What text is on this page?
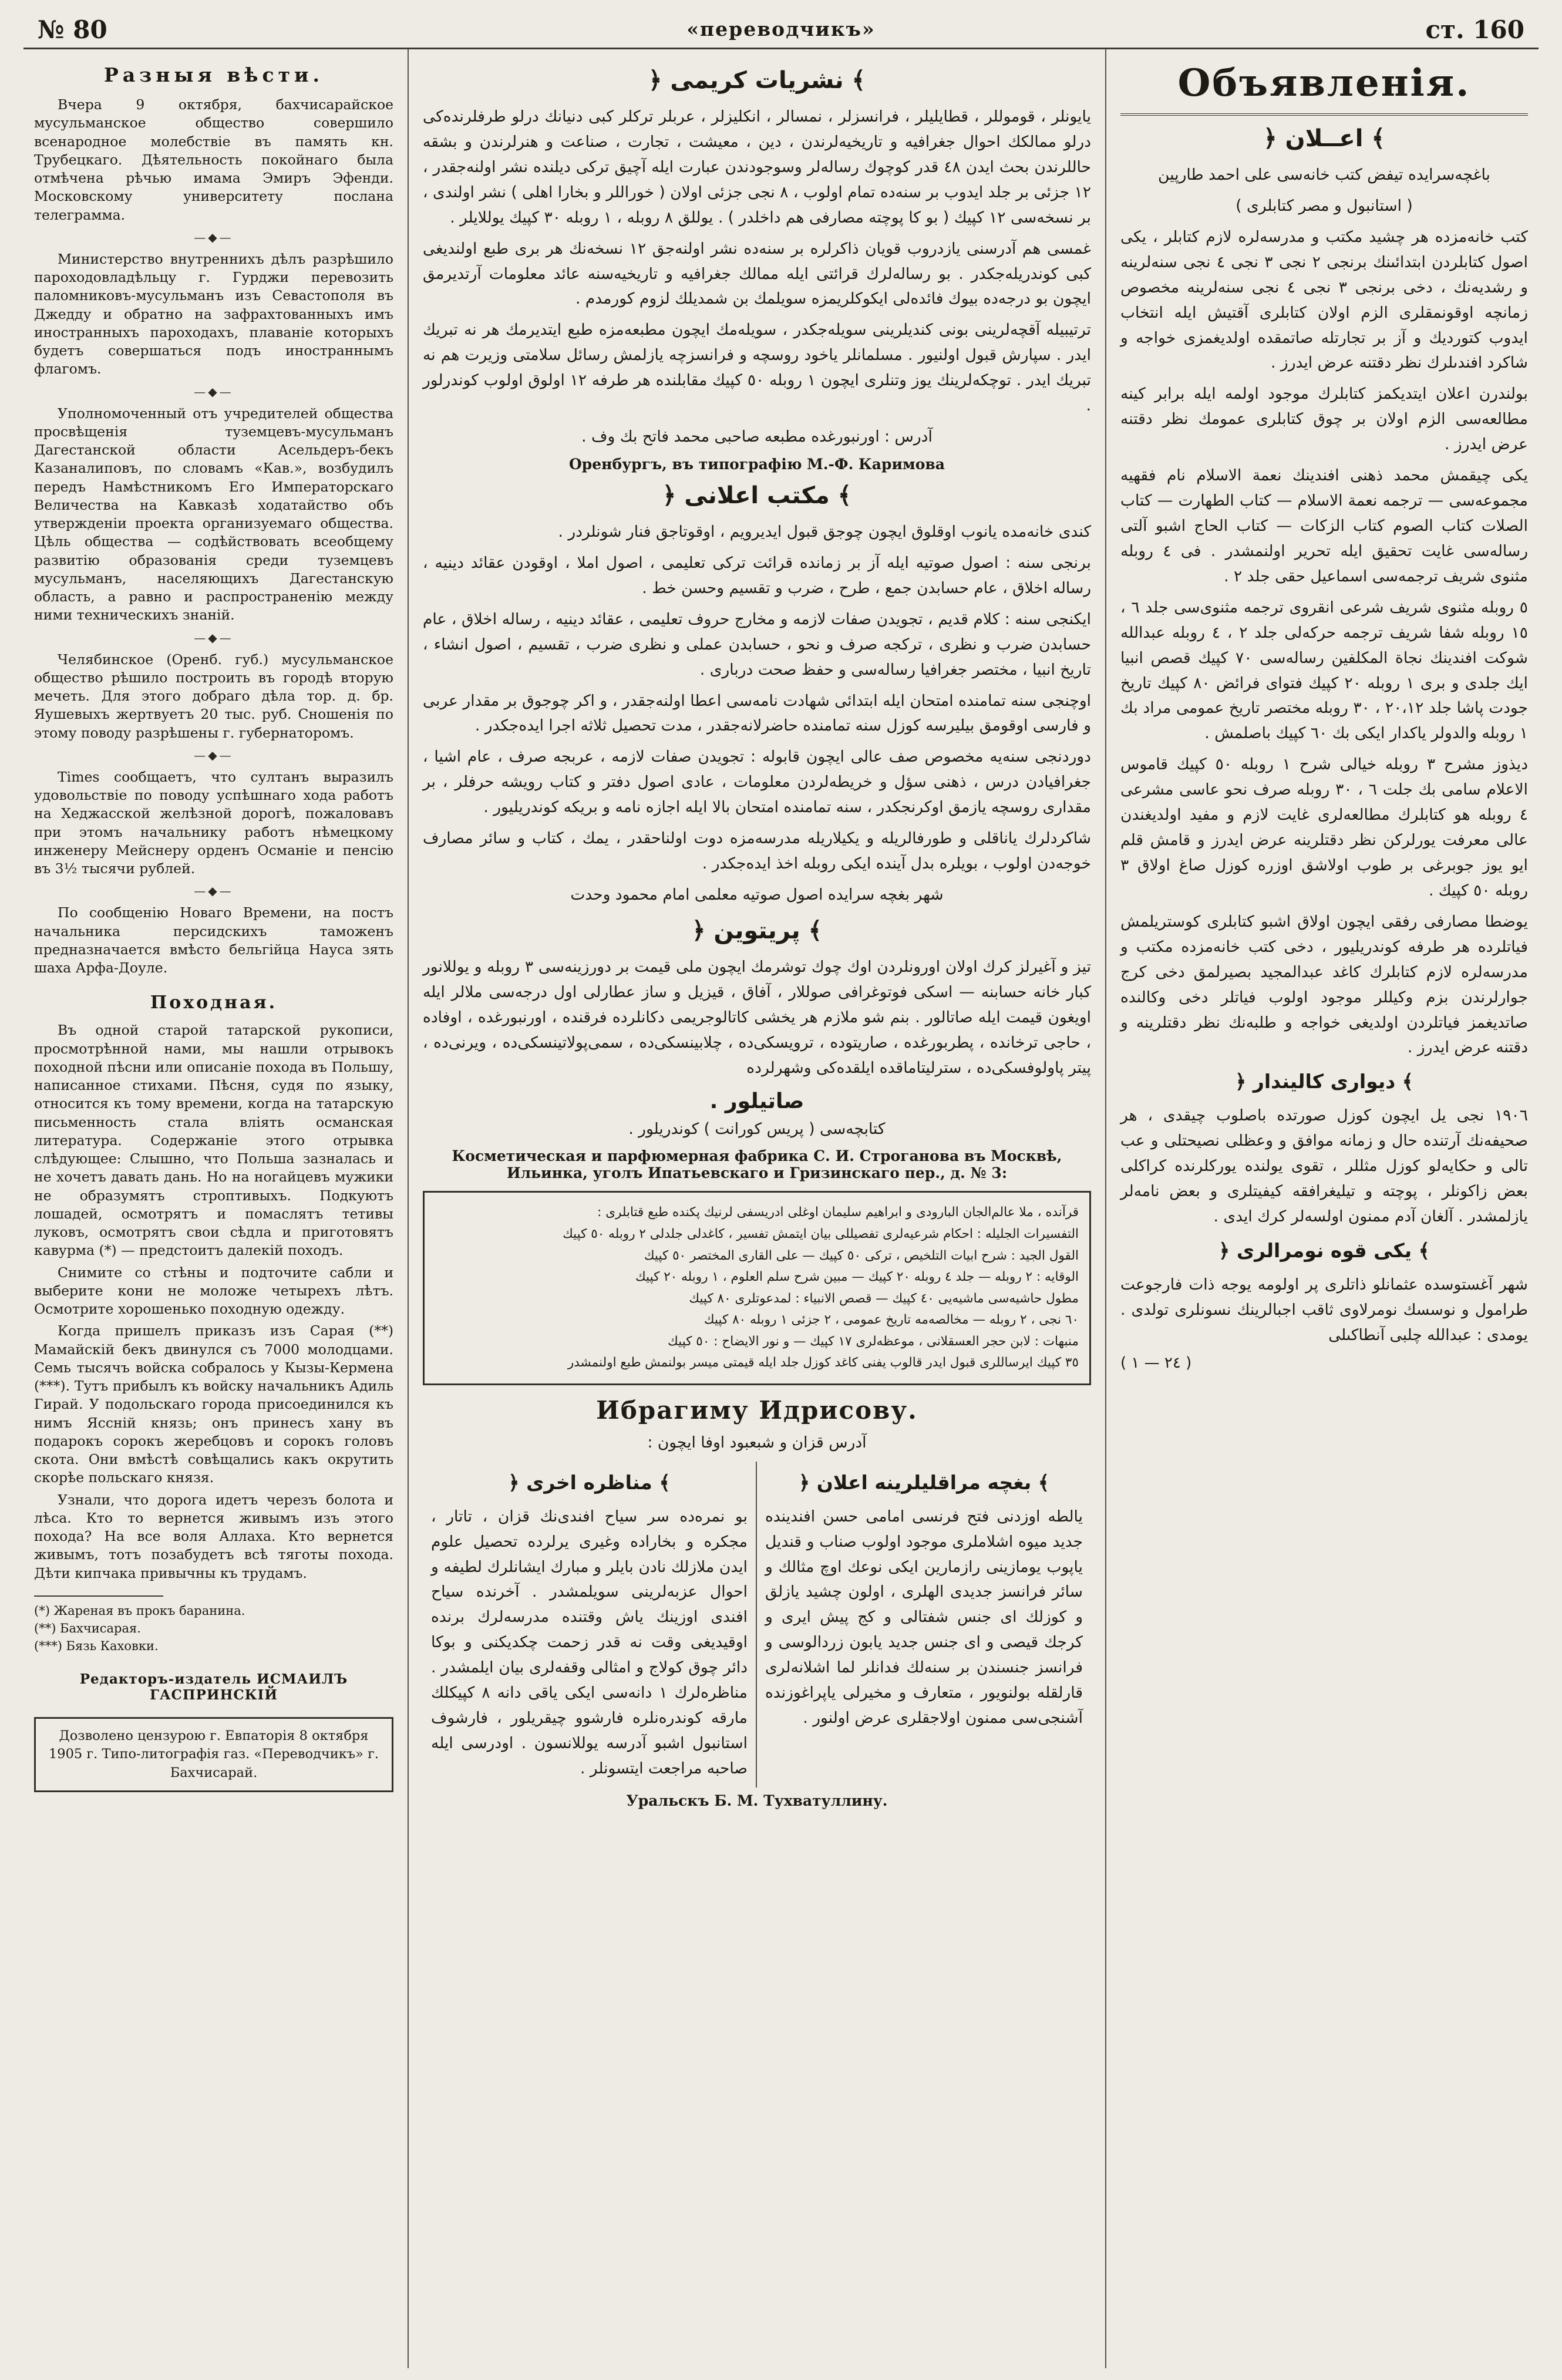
№ 80	«переводчикъ»	ст. 160
Разныя вѣсти.

Вчера 9 октября, бахчисарайское мусульманское общество совершило всенародное молебствіе въ память кн. Трубецкаго. Дѣятельность покойнаго была отмѣчена рѣчью имама Эмиръ Эфенди. Московскому университету послана телеграмма.

—◆—

Министерство внутреннихъ дѣлъ разрѣшило пароходовладѣльцу г. Гурджи перевозить паломниковъ-мусульманъ изъ Севастополя въ Джедду и обратно на зафрахтованныхъ имъ иностранныхъ пароходахъ, плаваніе которыхъ будетъ совершаться подъ иностраннымъ флагомъ.

—◆—

Уполномоченный отъ учредителей общества просвѣщенія туземцевъ-мусульманъ Дагестанской области Асельдеръ-бекъ Казаналиповъ, по словамъ «Кав.», возбудилъ передъ Намѣстникомъ Его Императорскаго Величества на Кавказѣ ходатайство объ утвержденіи проекта организуемаго общества. Цѣль общества — содѣйствовать всеобщему развитію образованія среди туземцевъ мусульманъ, населяющихъ Дагестанскую область, а равно и распространенію между ними техническихъ знаній.

—◆—

Челябинское (Оренб. губ.) мусульманское общество рѣшило построить въ городѣ вторую мечеть. Для этого добраго дѣла тор. д. бр. Яушевыхъ жертвуетъ 20 тыс. руб. Сношенія по этому поводу разрѣшены г. губернаторомъ.

—◆—

Times сообщаетъ, что султанъ выразилъ удовольствіе по поводу успѣшнаго хода работъ на Хеджасской желѣзной дорогѣ, пожаловавъ при этомъ начальнику работъ нѣмецкому инженеру Мейснеру орденъ Османіе и пенсію въ 3½ тысячи рублей.

—◆—

По сообщенію Новаго Времени, на постъ начальника персидскихъ таможенъ предназначается вмѣсто бельгійца Науса зять шаха Арфа-Доуле.

Походная.

Въ одной старой татарской рукописи, просмотрѣнной нами, мы нашли отрывокъ походной пѣсни или описаніе похода въ Польшу, написанное стихами. Пѣсня, судя по языку, относится къ тому времени, когда на татарскую письменность стала вліять османская литература. Содержаніе этого отрывка слѣдующее: Слышно, что Польша зазналась и не хочетъ давать дань. Но на ногайцевъ мужики не образумятъ строптивыхъ. Подкуютъ лошадей, осмотрятъ и помаслятъ тетивы луковъ, осмотрятъ свои сѣдла и приготовятъ кавурма (*) — предстоитъ далекій походъ.

Снимите со стѣны и подточите сабли и выберите кони не моложе четырехъ лѣтъ. Осмотрите хорошенько походную одежду.

Когда пришелъ приказъ изъ Сарая (**) Мамайскій бекъ двинулся съ 7000 молодцами. Семь тысячъ войска собралось у Кызы-Кермена (***). Тутъ прибылъ къ войску начальникъ Адиль Гирай. У подольскаго города присоединился къ нимъ Яссній князь; онъ принесъ хану въ подарокъ сорокъ жеребцовъ и сорокъ головъ скота. Они вмѣстѣ совѣщались какъ окрутить скорѣе польскаго князя.

Узнали, что дорога идетъ черезъ болота и лѣса. Кто то вернется живымъ изъ этого похода? На все воля Аллаха. Кто вернется живымъ, тотъ позабудетъ всѣ тяготы похода. Дѣти кипчака привычны къ трудамъ.

(*) Жареная въ прокъ баранина.
(**) Бахчисарая.
(***) Бязь Каховки.
Редакторъ-издатель ИСМАИЛЪ ГАСПРИНСКІЙ
Дозволено цензурою г. Евпаторія 8 октября 1905 г. Типо-литографія газ. «Переводчикъ» г. Бахчисарай.
﴾ نشريات كريمى ﴿

يايونلر ، قوموللر ، قطايليلر ، فرانسزلر ، نمسالر ، انكليزلر ، عربلر تركلر كبى دنيانك درلو طرفلرنده‌كى درلو ممالكك احوال جغرافيه و تاريخيه‌لرندن ، دين ، معيشت ، تجارت ، صناعت و هنرلرندن و بشقه حاللرندن بحث ايدن ٤٨ قدر كوچوك رساله‌لر وسوجودندن عبارت ايله آچيق تركى ديلنده نشر اولنه‌جقدر ، ١٢ جزئى بر جلد ايدوب بر سنه‌ده تمام اولوب ، ٨ نجى جزئى اولان ( خوراللر و بخارا اهلى ) نشر اولندى ، بر نسخه‌سى ١٢ كپيك ( بو كا پوچته مصارفى هم داخلدر ) . يوللق ٨ روبله ، ١ روبله ٣٠ كپيك يوللايلر .

غمسى هم آدرسنى يازدروب قويان ذاكرلره بر سنه‌ده نشر اولنه‌جق ١٢ نسخه‌نك هر برى طبع اولنديغى كبى كوندريله‌جكدر . بو رساله‌لرك قرائتى ايله ممالك جغرافيه و تاريخيه‌سنه عائد معلومات آرتديرمق ايچون بو درجه‌ده بيوك فائده‌لى ايكوكلريمزه سويلمك بن شمديلك لزوم كورمدم .

ترتيبيله آقچه‌لرينى بونى كنديلرينى سويله‌جكدر ، سويله‌مك ايچون مطبعه‌مزه طبع ايتديرمك هر نه تبريك ايدر . سپارش قبول اولنيور . مسلمانلر ياخود روسچه و فرانسزچه يازلمش رسائل سلامتى وزيرت هم نه تبريك ايدر . توچكه‌لرينك يوز وتنلرى ايچون ١ روبله ٥٠ كپيك مقابلنده هر طرفه ١٢ اولوق اولوب كوندرلور .

آدرس : اورنبورغده مطبعه صاحبى محمد فاتح بك وف .
Оренбургъ, въ типографію М.-Ф. Каримова
﴾ مكتب اعلانى ﴿

كندى خانه‌مده يانوب اوقلوق ايچون چوجق قبول ايديرويم ، اوقوتاجق فنار شونلردر .

برنجى سنه : اصول صوتيه ايله آز بر زمانده قرائت تركى تعليمى ، اصول املا ، اوقودن عقائد دينيه ، رساله اخلاق ، عام حسابدن جمع ، طرح ، ضرب و تقسيم وحسن خط .

ايكنجى سنه : كلام قديم ، تجويدن صفات لازمه و مخارج حروف تعليمى ، عقائد دينيه ، رساله اخلاق ، عام حسابدن ضرب و نظرى ، تركجه صرف و نحو ، حسابدن عملى و نظرى ضرب ، تقسيم ، اصول انشاء ، تاريخ انبيا ، مختصر جغرافيا رساله‌سى و حفظ صحت دربارى .

اوچنجى سنه تمامنده امتحان ايله ابتدائى شهادت نامه‌سى اعطا اولنه‌جقدر ، و اكر چوجوق بر مقدار عربى و فارسى اوقومق بيليرسه كوزل سنه تمامنده حاضرلانه‌جقدر ، مدت تحصيل ثلاثه اجرا ايده‌جكدر .

دوردنجى سنه‌يه مخصوص صف عالى ايچون قابوله : تجويدن صفات لازمه ، عربجه صرف ، عام اشيا ، جغرافيادن درس ، ذهنى سؤل و خريطه‌لردن معلومات ، عادى اصول دفتر و كتاب رويشه حرفلر ، بر مقدارى روسچه يازمق اوكرنجكدر ، سنه تمامنده امتحان بالا ايله اجازه نامه و بريكه كوندريليور .

شاكردلرك ياناقلى و طورفالريله و يكيلاريله مدرسه‌مزه دوت اولناحقدر ، يمك ، كتاب و سائر مصارف خوجه‌دن اولوب ، بويلره بدل آينده ايكى روبله اخذ ايده‌جكدر .

شهر بغچه سرايده اصول صوتيه معلمى امام محمود وحدت
﴾ پريتوين ﴿

تيز و آغيرلز كرك اولان اورونلردن اوك چوك توشرمك ايچون ملى قيمت بر دورزينه‌سى ٣ روبله و يوللانور كبار خانه حسابنه — اسكى فوتوغرافى صوللار ، آفاق ، قيزيل و ساز عطارلى اول درجه‌سى ملالر ايله اويغون قيمت ايله صاتالور . بنم شو ملازم هر يخشى كاتالوجريمى دكانلرده فرقنده ، اورنبورغده ، اوفاده ، حاجى ترخانده ، پطربورغده ، صاريتوده ، ترويسكى‌ده ، چلابينسكى‌ده ، سمى‌پولاتينسكى‌ده ، ويرنى‌ده ، پيتر پاولوفسكى‌ده ، سترليتاماقده ايلقده‌كى وشهرلرده

صاتيلور .
كتابچه‌سى ( پريس كورانت ) كوندريلور .
Косметическая и парфюмерная фабрика С. И. Строганова въ Москвѣ, Ильинка, уголъ Ипатьевскаго и Гризинскаго пер., д. № 3:
قرآنده ، ملا عالم‌الجان البارودى و ابراهيم سليمان اوغلى ادريسفى لرنيك پكنده طبع قتابلرى :
التفسيرات الجليله : احكام شرعيه‌لرى تفصيللى بيان ايتمش تفسير ، كاغدلى جلدلى ٢ روبله ٥٠ كپيك
القول الجيد : شرح ابيات التلخيص ، تركى ٥٠ كپيك — على القارى المختصر ٥٠ كپيك
الوقايه : ٢ روبله — جلد ٤ روبله ٢٠ كپيك — مبين شرح سلم العلوم ، ١ روبله ٢٠ كپيك
مطول حاشيه‌سى ماشيه‌يى ٤٠ كپيك — قصص الانبياء : لمدعوتلرى ٨٠ كپيك
٦٠ نجى ، ٢ روبله — مخالصه‌مه تاريخ عمومى ، ٢ جزئى ١ روبله ٨٠ كپيك
منبهات : لابن حجر العسقلانى ، موعظه‌لرى ١٧ كپيك — و نور الايضاح : ٥٠ كپيك
٣٥ كپيك ايرساللرى قبول ايدر قالوب يفنى كاغد كوزل جلد ايله قيمتى ميسر بولنمش طبع اولنمشدر
Ибрагиму Идрисову.
آدرس قزان و شبعبود اوفا ايچون :
﴾ مناظره اخرى ﴿

بو نمره‌ده سر سياح افندى‌نك قزان ، تاتار ، مجكره و بخاراده وغيرى يرلرده تحصيل علوم ايدن ملازلك نادن بايلر و مبارك ايشانلرك لطيفه و احوال عزبه‌لرينى سويلمشدر . آخرنده سياح افندى اوزينك ياش وقتنده مدرسه‌لرك برنده اوقيديغى وقت نه قدر زحمت چكديكنى و بوكا دائر چوق كولاج و امثالى وقفه‌لرى بيان ايلمشدر . مناظره‌لرك ١ دانه‌سى ايكى ياقى دانه ٨ كپيكلك مارقه كوندره‌نلره فارشوو چيقريلور ، فارشوف استانبول اشبو آدرسه يوللانسون . اودرسى ايله صاحبه مراجعت ايتسونلر .

﴾ بغچه مراقليلرينه اعلان ﴿

يالطه اوزدنى فتح فرنسى امامى حسن افندينده جديد ميوه اشلاملرى موجود اولوب صناب و قنديل ياپوب يومازينى رازمارين ايكى نوعك اوچ مثالك و سائر فرانسز جديدى الهلرى ، اولون چشيد يازلق و كوزلك اى جنس شفتالى و كج پيش ايرى و كرجك قيصى و اى جنس جديد يابون زردالوسى و فرانسز جنسندن بر سنه‌لك فدانلر لما اشلانه‌لرى قارلقله بولنويور ، متعارف و مخيرلى ياپراغوزنده آشنجى‌سى ممنون اولاجقلرى عرض اولنور .

Уральскъ Б. М. Тухватуллину.
Объявленія.
﴾ اعــلان ﴿

باغچه‌سرايده تيفض كتب خانه‌سى على احمد طارپين

( استانبول و مصر كتابلرى )

كتب خانه‌مزده هر چشيد مكتب و مدرسه‌لره لازم كتابلر ، يكى اصول كتابلردن ابتدائىنك برنجى ٢ نجى ٣ نجى ٤ نجى سنه‌لرينه و رشديه‌نك ، دخى برنجى ٣ نجى ٤ نجى سنه‌لرينه مخصوص زمانچه اوقونمقلرى الزم اولان كتابلرى آقتيش ايله انتخاب ايدوب كتورديك و آز بر تجارتله صاتمقده اولديغمزى خواجه و شاكرد افندىلرك نظر دقتنه عرض ايدرز .

بولندرن اعلان ايتديكمز كتابلرك موجود اولمه ايله برابر كينه مطالعه‌سى الزم اولان بر چوق كتابلرى عمومك نظر دقتنه عرض ايدرز .

يكى چيقمش محمد ذهنى افندينك نعمة الاسلام نام فقهيه مجموعه‌سى — ترجمه نعمة الاسلام — كتاب الطهارت — كتاب الصلات كتاب الصوم كتاب الزكات — كتاب الحاج اشبو آلتى رساله‌سى غايت تحقيق ايله تحرير اولنمشدر . فى ٤ روبله مثنوى شريف ترجمه‌سى اسماعيل حقى جلد ٢ .

٥ روبله مثنوى شريف شرعى انقروى ترجمه مثنوى‌سى جلد ٦ ، ١٥ روبله شفا شريف ترجمه حركه‌لى جلد ٢ ، ٤ روبله عبدالله شوكت افندينك نجاة المكلفين رساله‌سى ٧٠ كپيك قصص انبيا ايك جلدى و برى ١ روبله ٢٠ كپيك فتواى فرائض ٨٠ كپيك تاريخ جودت پاشا جلد ٢٠،١٢ ، ٣٠ روبله مختصر تاريخ عمومى مراد بك ١ روبله والدولر ياكدار ايكى بك ٦٠ كپيك باصلمش .

ديذوز مشرح ٣ روبله خيالى شرح ١ روبله ٥٠ كپيك قاموس الاعلام سامى بك جلت ٦ ، ٣٠ روبله صرف نحو عاسى مشرعى ٤ روبله هو كتابلرك مطالعه‌لرى غايت لازم و مفيد اولديغندن عالى معرفت يورلركن نظر دقتلرينه عرض ايدرز و قامش قلم ايو يوز جوبرغى بر طوب اولاشق اوزره كوزل صاغ اولاق ٣ روبله ٥٠ كپيك .

يوضطا مصارفى رفقى ايچون اولاق اشبو كتابلرى كوستريلمش فياتلرده هر طرفه كوندريليور ، دخى كتب خانه‌مزده مكتب و مدرسه‌لره لازم كتابلرك كاغد عبدالمجيد بصيرلمق دخى كرج جوارلرندن بزم وكيللر موجود اولوب فياتلر دخى وكالنده صاتديغمز فياتلردن اولديغى خواجه و طلبه‌نك نظر دقتلرينه و دقتنه عرض ايدرز .

﴾ ديوارى كاليندار ﴿

١٩٠٦ نجى يل ايچون كوزل صورتده باصلوب چيقدى ، هر صحيفه‌نك آرتنده حال و زمانه موافق و وعظلى نصيحتلى و عب تالى و حكايه‌لو كوزل مثللر ، تقوى يولنده يوركلرنده كراكلى بعض زاكونلر ، پوچته و تيليغرافقه كيفيتلرى و بعض نامه‌لر يازلمشدر . آلغان آدم ممنون اولسه‌لر كرك ايدى .

﴾ يكى قوه نومرالرى ﴿

شهر آغستوسده عثمانلو ذاتلرى پر اولومه يوجه ذات فارجوعت طرامول و نوسسك نومرلاوى ثاقب اجبالرينك نسونلرى تولدى . يومدى : عبدالله چلبى آنطاكىلى

( ٢٤ — ١ )
